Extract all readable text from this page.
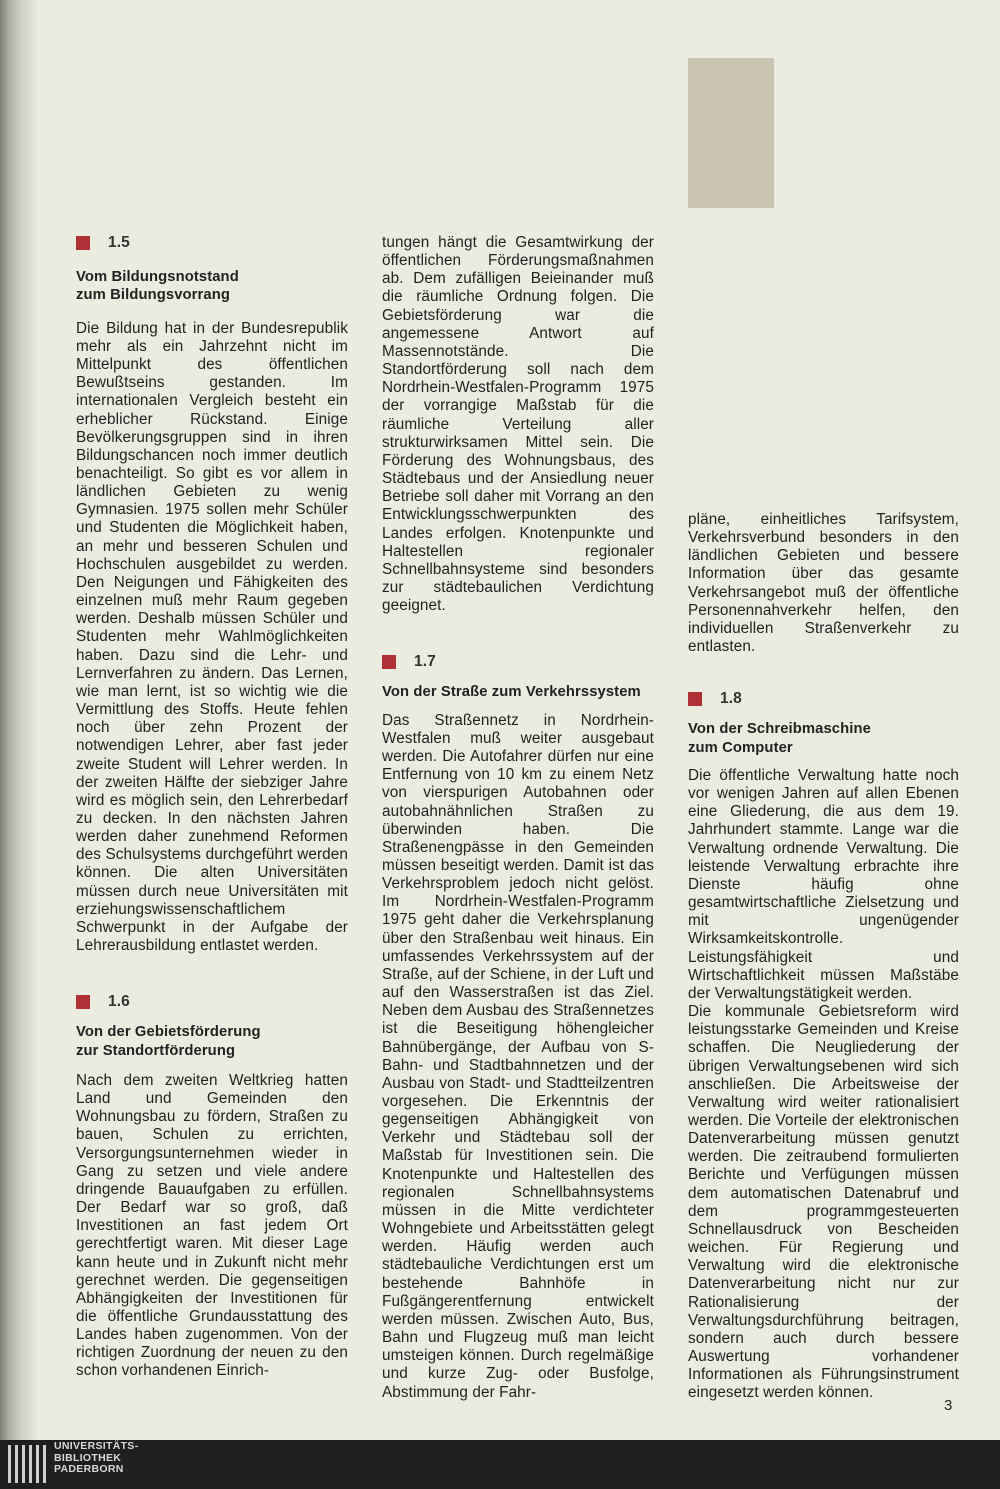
1.5
Vom Bildungsnotstand
zum Bildungsvorrang

Die Bildung hat in der Bundesrepublik mehr als ein Jahrzehnt nicht im Mittelpunkt des öffentlichen Bewußtseins gestanden. Im internationalen Vergleich besteht ein erheblicher Rückstand. Einige Bevölkerungsgruppen sind in ihren Bildungschancen noch immer deutlich benachteiligt. So gibt es vor allem in ländlichen Gebieten zu wenig Gymnasien. 1975 sollen mehr Schüler und Studenten die Möglichkeit haben, an mehr und besseren Schulen und Hochschulen ausgebildet zu werden. Den Neigungen und Fähigkeiten des einzelnen muß mehr Raum gegeben werden. Deshalb müssen Schüler und Studenten mehr Wahlmöglichkeiten haben. Dazu sind die Lehr- und Lernverfahren zu ändern. Das Lernen, wie man lernt, ist so wichtig wie die Vermittlung des Stoffs. Heute fehlen noch über zehn Prozent der notwendigen Lehrer, aber fast jeder zweite Student will Lehrer werden. In der zweiten Hälfte der siebziger Jahre wird es möglich sein, den Lehrerbedarf zu decken. In den nächsten Jahren werden daher zunehmend Reformen des Schulsystems durchgeführt werden können. Die alten Universitäten müssen durch neue Universitäten mit erziehungswissenschaftlichem Schwerpunkt in der Aufgabe der Lehrerausbildung entlastet werden.

1.6
Von der Gebietsförderung
zur Standortförderung

Nach dem zweiten Weltkrieg hatten Land und Gemeinden den Wohnungsbau zu fördern, Straßen zu bauen, Schulen zu errichten, Versorgungsunternehmen wieder in Gang zu setzen und viele andere dringende Bauaufgaben zu erfüllen. Der Bedarf war so groß, daß Investitionen an fast jedem Ort gerechtfertigt waren. Mit dieser Lage kann heute und in Zukunft nicht mehr gerechnet werden. Die gegenseitigen Abhängigkeiten der Investitionen für die öffentliche Grundausstattung des Landes haben zugenommen. Von der richtigen Zuordnung der neuen zu den schon vorhandenen Einrich-

tungen hängt die Gesamtwirkung der öffentlichen Förderungsmaßnahmen ab. Dem zufälligen Beieinander muß die räumliche Ordnung folgen. Die Gebietsförderung war die angemessene Antwort auf Massennotstände. Die Standortförderung soll nach dem Nordrhein-Westfalen-Programm 1975 der vorrangige Maßstab für die räumliche Verteilung aller strukturwirksamen Mittel sein. Die Förderung des Wohnungsbaus, des Städtebaus und der Ansiedlung neuer Betriebe soll daher mit Vorrang an den Entwicklungsschwerpunkten des Landes erfolgen. Knotenpunkte und Haltestellen regionaler Schnellbahnsysteme sind besonders zur städtebaulichen Verdichtung geeignet.

1.7
Von der Straße zum Verkehrssystem

Das Straßennetz in Nordrhein-Westfalen muß weiter ausgebaut werden. Die Autofahrer dürfen nur eine Entfernung von 10 km zu einem Netz von vierspurigen Autobahnen oder autobahnähnlichen Straßen zu überwinden haben. Die Straßenengpässe in den Gemeinden müssen beseitigt werden. Damit ist das Verkehrsproblem jedoch nicht gelöst. Im Nordrhein-Westfalen-Programm 1975 geht daher die Verkehrsplanung über den Straßenbau weit hinaus. Ein umfassendes Verkehrssystem auf der Straße, auf der Schiene, in der Luft und auf den Wasserstraßen ist das Ziel. Neben dem Ausbau des Straßennetzes ist die Beseitigung höhengleicher Bahnübergänge, der Aufbau von S-Bahn- und Stadtbahnnetzen und der Ausbau von Stadt- und Stadtteilzentren vorgesehen. Die Erkenntnis der gegenseitigen Abhängigkeit von Verkehr und Städtebau soll der Maßstab für Investitionen sein. Die Knotenpunkte und Haltestellen des regionalen Schnellbahnsystems müssen in die Mitte verdichteter Wohngebiete und Arbeitsstätten gelegt werden. Häufig werden auch städtebauliche Verdichtungen erst um bestehende Bahnhöfe in Fußgängerentfernung entwickelt werden müssen. Zwischen Auto, Bus, Bahn und Flugzeug muß man leicht umsteigen können. Durch regelmäßige und kurze Zug- oder Busfolge, Abstimmung der Fahr-

pläne, einheitliches Tarifsystem, Verkehrsverbund besonders in den ländlichen Gebieten und bessere Information über das gesamte Verkehrsangebot muß der öffentliche Personennahverkehr helfen, den individuellen Straßenverkehr zu entlasten.

1.8
Von der Schreibmaschine
zum Computer

Die öffentliche Verwaltung hatte noch vor wenigen Jahren auf allen Ebenen eine Gliederung, die aus dem 19. Jahrhundert stammte. Lange war die Verwaltung ordnende Verwaltung. Die leistende Verwaltung erbrachte ihre Dienste häufig ohne gesamtwirtschaftliche Zielsetzung und mit ungenügender Wirksamkeitskontrolle. Leistungsfähigkeit und Wirtschaftlichkeit müssen Maßstäbe der Verwaltungstätigkeit werden.

Die kommunale Gebietsreform wird leistungsstarke Gemeinden und Kreise schaffen. Die Neugliederung der übrigen Verwaltungsebenen wird sich anschließen. Die Arbeitsweise der Verwaltung wird weiter rationalisiert werden. Die Vorteile der elektronischen Datenverarbeitung müssen genutzt werden. Die zeitraubend formulierten Berichte und Verfügungen müssen dem automatischen Datenabruf und dem programmgesteuerten Schnellausdruck von Bescheiden weichen. Für Regierung und Verwaltung wird die elektronische Datenverarbeitung nicht nur zur Rationalisierung der Verwaltungsdurchführung beitragen, sondern auch durch bessere Auswertung vorhandener Informationen als Führungsinstrument eingesetzt werden können.

3
UNIVERSITÄTS-
BIBLIOTHEK
PADERBORN
